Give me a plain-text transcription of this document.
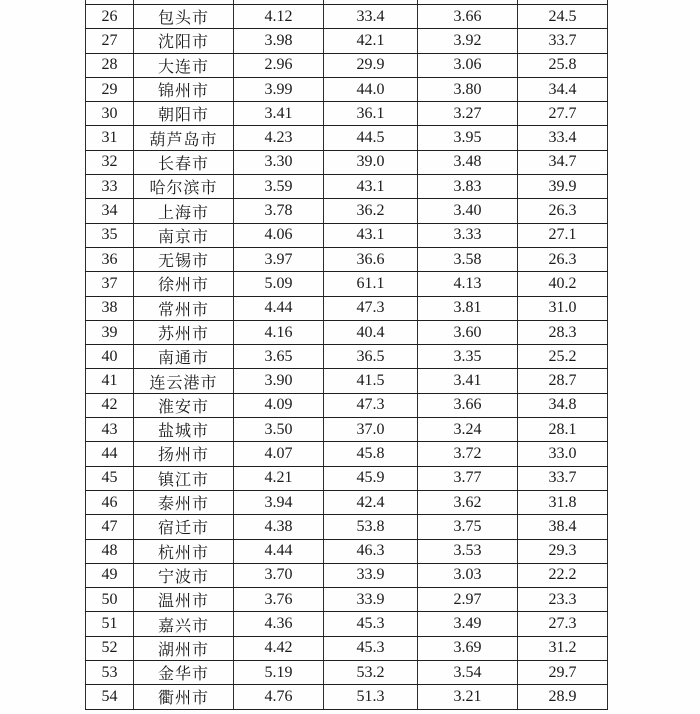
26	包头市	4.12	33.4	3.66	24.5
27	沈阳市	3.98	42.1	3.92	33.7
28	大连市	2.96	29.9	3.06	25.8
29	锦州市	3.99	44.0	3.80	34.4
30	朝阳市	3.41	36.1	3.27	27.7
31	葫芦岛市	4.23	44.5	3.95	33.4
32	长春市	3.30	39.0	3.48	34.7
33	哈尔滨市	3.59	43.1	3.83	39.9
34	上海市	3.78	36.2	3.40	26.3
35	南京市	4.06	43.1	3.33	27.1
36	无锡市	3.97	36.6	3.58	26.3
37	徐州市	5.09	61.1	4.13	40.2
38	常州市	4.44	47.3	3.81	31.0
39	苏州市	4.16	40.4	3.60	28.3
40	南通市	3.65	36.5	3.35	25.2
41	连云港市	3.90	41.5	3.41	28.7
42	淮安市	4.09	47.3	3.66	34.8
43	盐城市	3.50	37.0	3.24	28.1
44	扬州市	4.07	45.8	3.72	33.0
45	镇江市	4.21	45.9	3.77	33.7
46	泰州市	3.94	42.4	3.62	31.8
47	宿迁市	4.38	53.8	3.75	38.4
48	杭州市	4.44	46.3	3.53	29.3
49	宁波市	3.70	33.9	3.03	22.2
50	温州市	3.76	33.9	2.97	23.3
51	嘉兴市	4.36	45.3	3.49	27.3
52	湖州市	4.42	45.3	3.69	31.2
53	金华市	5.19	53.2	3.54	29.7
54	衢州市	4.76	51.3	3.21	28.9
